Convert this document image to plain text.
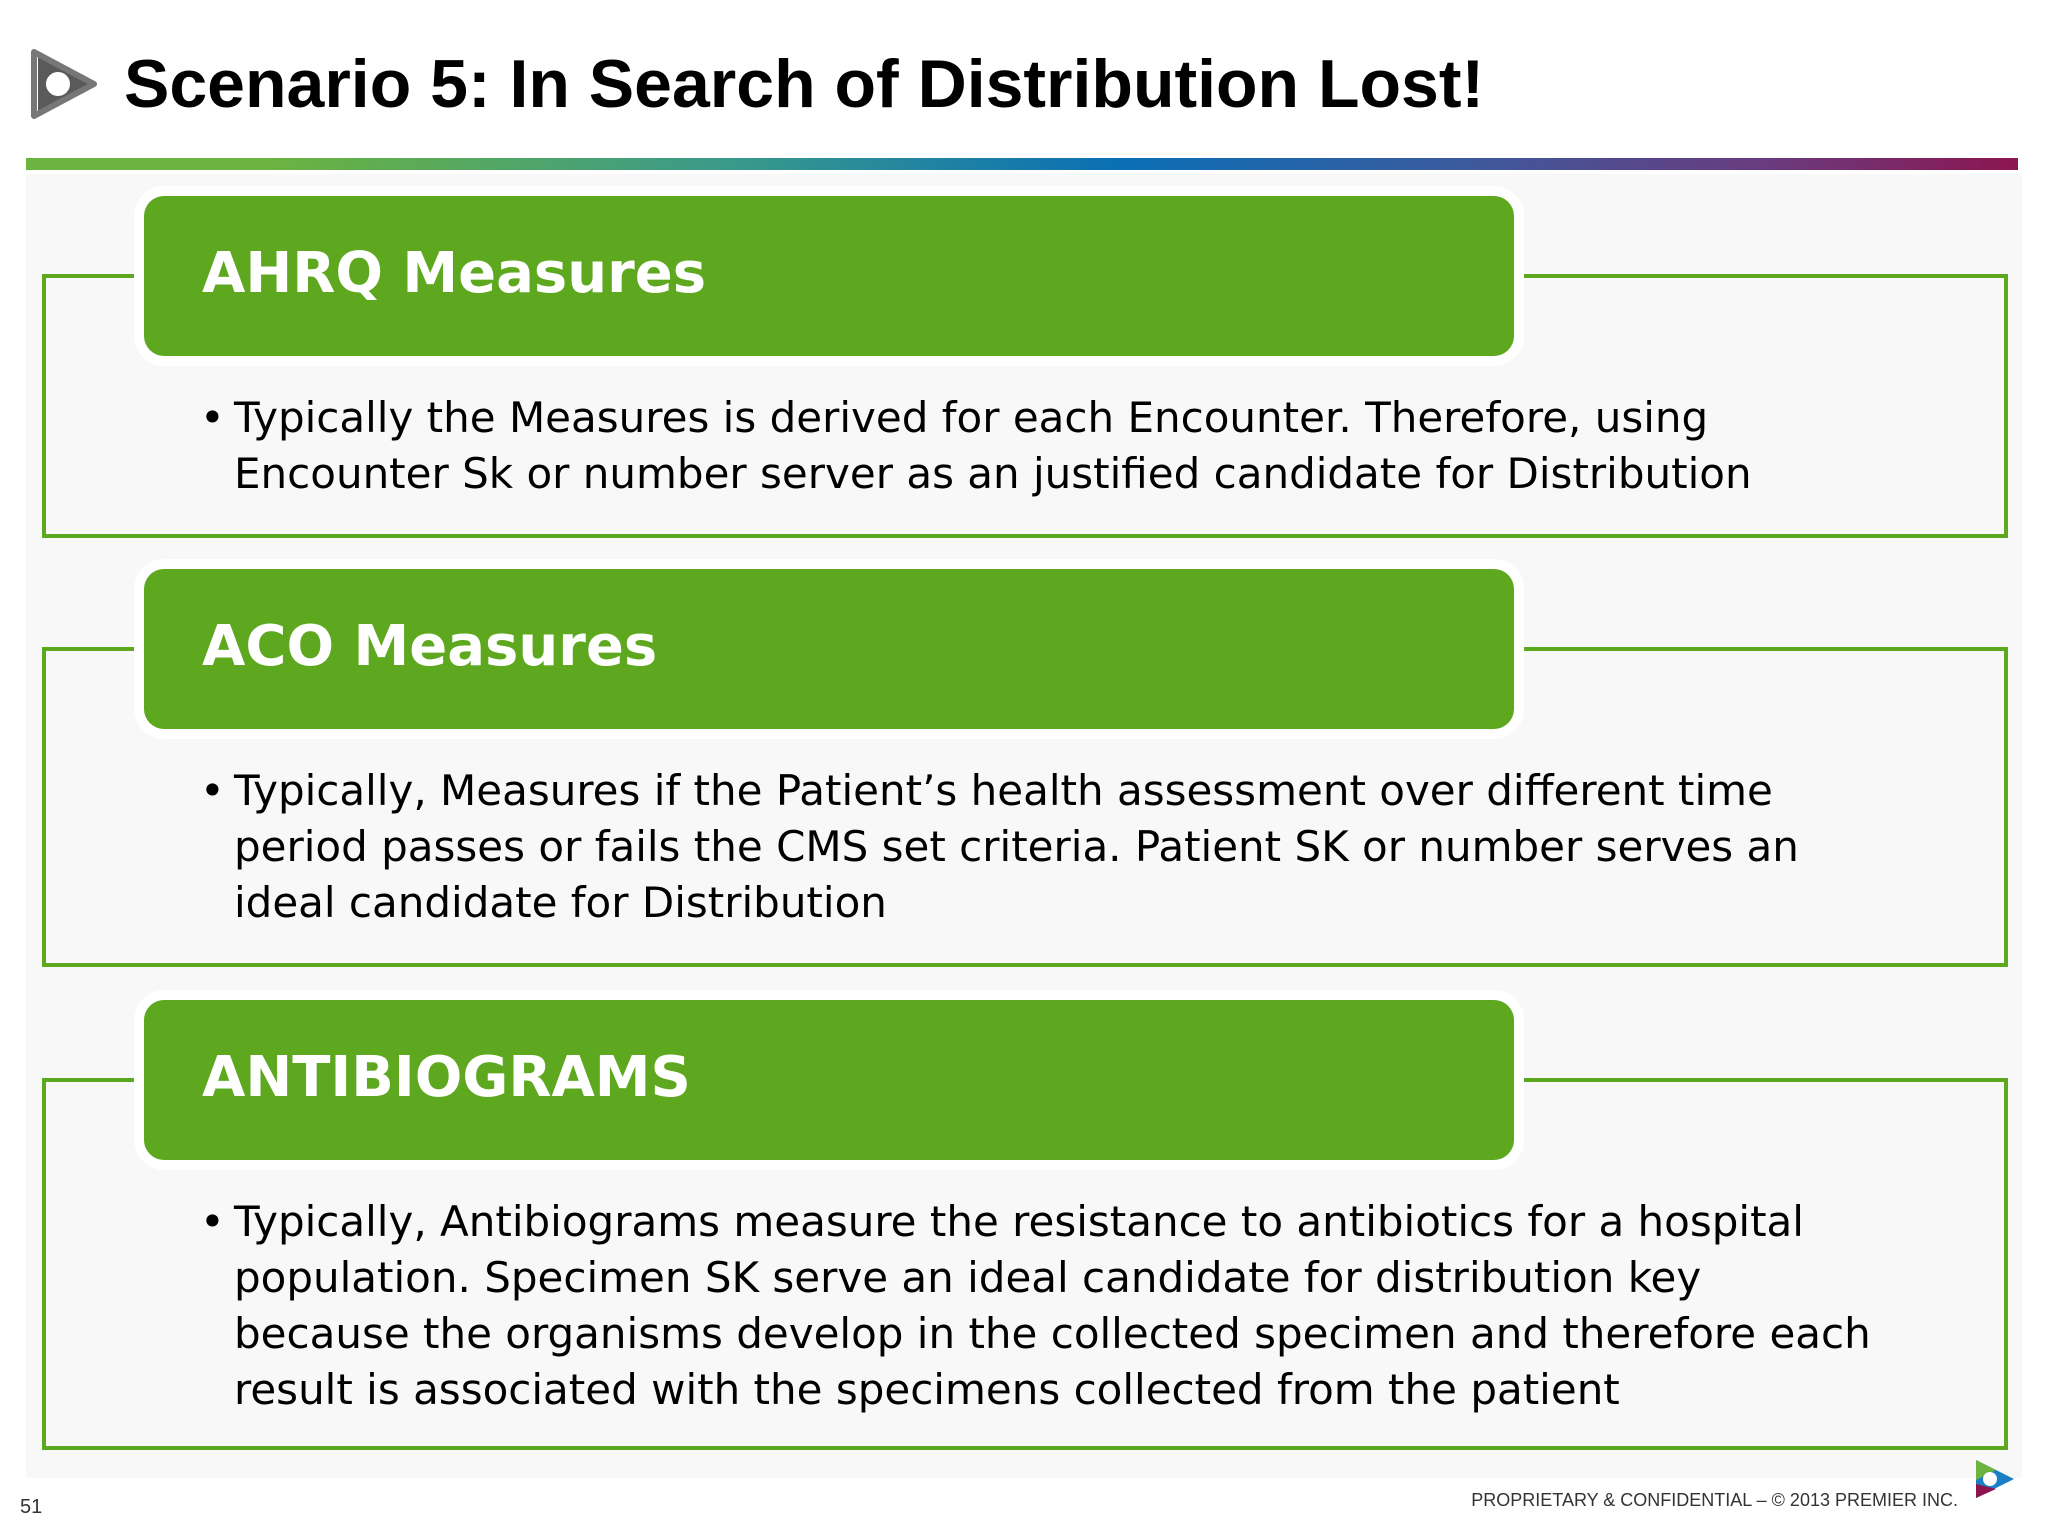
Scenario 5: In Search of Distribution Lost!
AHRQ Measures
• Typically the Measures is derived for each Encounter. Therefore, using Encounter Sk or number server as an justified candidate for Distribution
ACO Measures
• Typically, Measures if the Patient’s health assessment over different time period passes or fails the CMS set criteria. Patient SK or number serves an ideal candidate for Distribution
ANTIBIOGRAMS
• Typically, Antibiograms measure the resistance to antibiotics for a hospital population. Specimen SK serve an ideal candidate for distribution key because the organisms develop in the collected specimen and therefore each result is associated with the specimens collected from the patient
51	PROPRIETARY & CONFIDENTIAL – © 2013 PREMIER INC.
